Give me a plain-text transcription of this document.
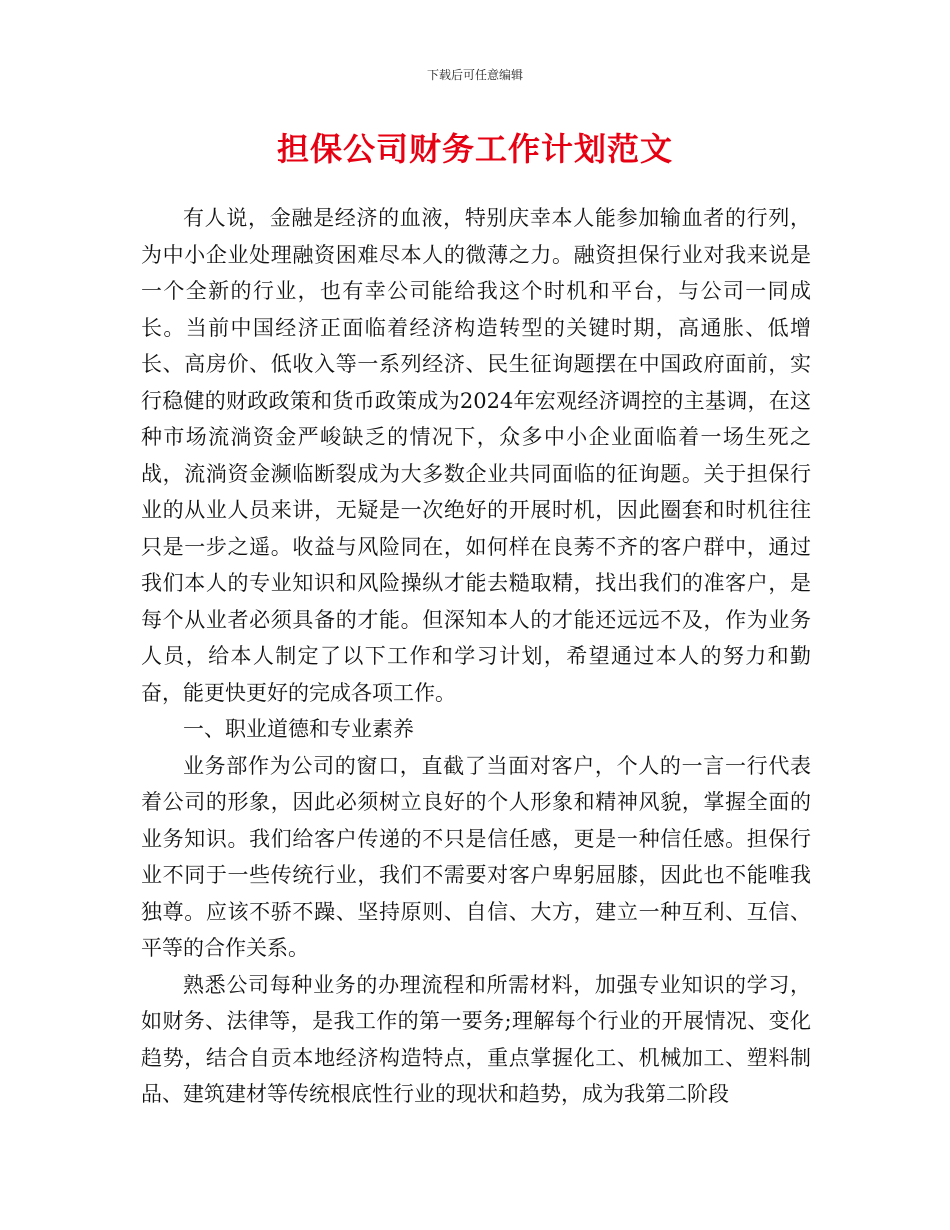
下载后可任意编辑
担保公司财务工作计划范文

有人说，金融是经济的血液，特别庆幸本人能参加输血者的行列，为中小企业处理融资困难尽本人的微薄之力。融资担保行业对我来说是一个全新的行业，也有幸公司能给我这个时机和平台，与公司一同成长。当前中国经济正面临着经济构造转型的关键时期，高通胀、低增长、高房价、低收入等一系列经济、民生征询题摆在中国政府面前，实行稳健的财政政策和货币政策成为2024年宏观经济调控的主基调，在这种市场流淌资金严峻缺乏的情况下，众多中小企业面临着一场生死之战，流淌资金濒临断裂成为大多数企业共同面临的征询题。关于担保行业的从业人员来讲，无疑是一次绝好的开展时机，因此圈套和时机往往只是一步之遥。收益与风险同在，如何样在良莠不齐的客户群中，通过我们本人的专业知识和风险操纵才能去糙取精，找出我们的准客户，是每个从业者必须具备的才能。但深知本人的才能还远远不及，作为业务人员，给本人制定了以下工作和学习计划，希望通过本人的努力和勤奋，能更快更好的完成各项工作。

一、职业道德和专业素养

业务部作为公司的窗口，直截了当面对客户，个人的一言一行代表着公司的形象，因此必须树立良好的个人形象和精神风貌，掌握全面的业务知识。我们给客户传递的不只是信任感，更是一种信任感。担保行业不同于一些传统行业，我们不需要对客户卑躬屈膝，因此也不能唯我独尊。应该不骄不躁、坚持原则、自信、大方，建立一种互利、互信、平等的合作关系。

熟悉公司每种业务的办理流程和所需材料，加强专业知识的学习，如财务、法律等，是我工作的第一要务;理解每个行业的开展情况、变化趋势，结合自贡本地经济构造特点，重点掌握化工、机械加工、塑料制品、建筑建材等传统根底性行业的现状和趋势，成为我第二阶段
